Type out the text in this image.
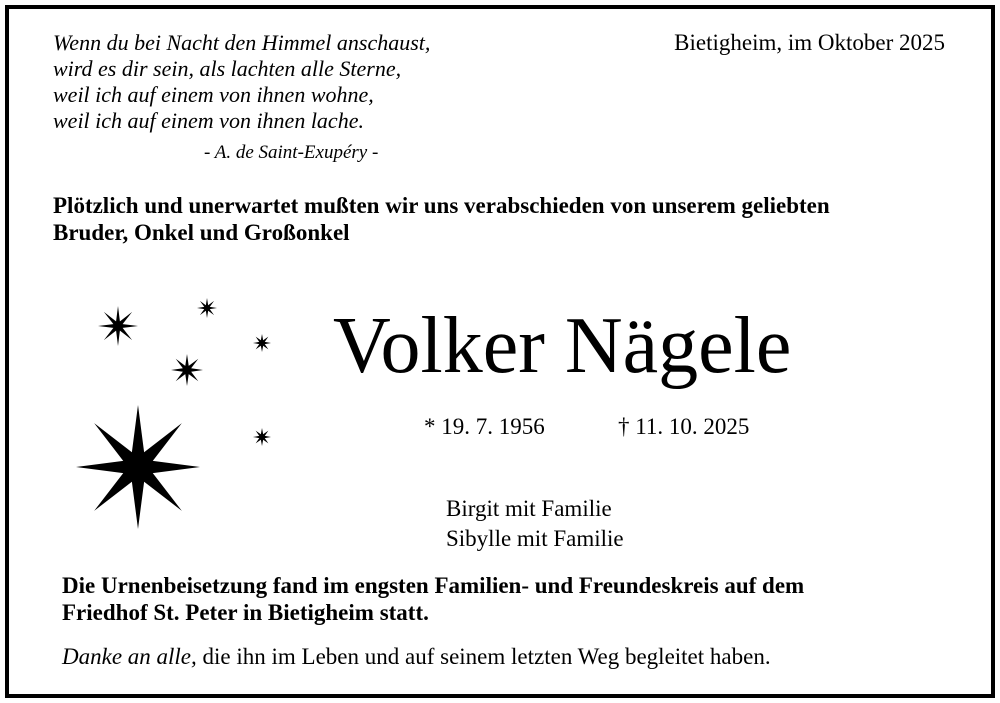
Wenn du bei Nacht den Himmel anschaust,
wird es dir sein, als lachten alle Sterne,
weil ich auf einem von ihnen wohne,
weil ich auf einem von ihnen lache.
- A. de Saint-Exupéry -
Bietigheim, im Oktober 2025
Plötzlich und unerwartet mußten wir uns verabschieden von unserem geliebten
Bruder, Onkel und Großonkel
Volker Nägele
* 19. 7. 1956	† 11. 10. 2025
Birgit mit Familie
Sibylle mit Familie
Die Urnenbeisetzung fand im engsten Familien- und Freundeskreis auf dem
Friedhof St. Peter in Bietigheim statt.
Danke an alle, die ihn im Leben und auf seinem letzten Weg begleitet haben.
